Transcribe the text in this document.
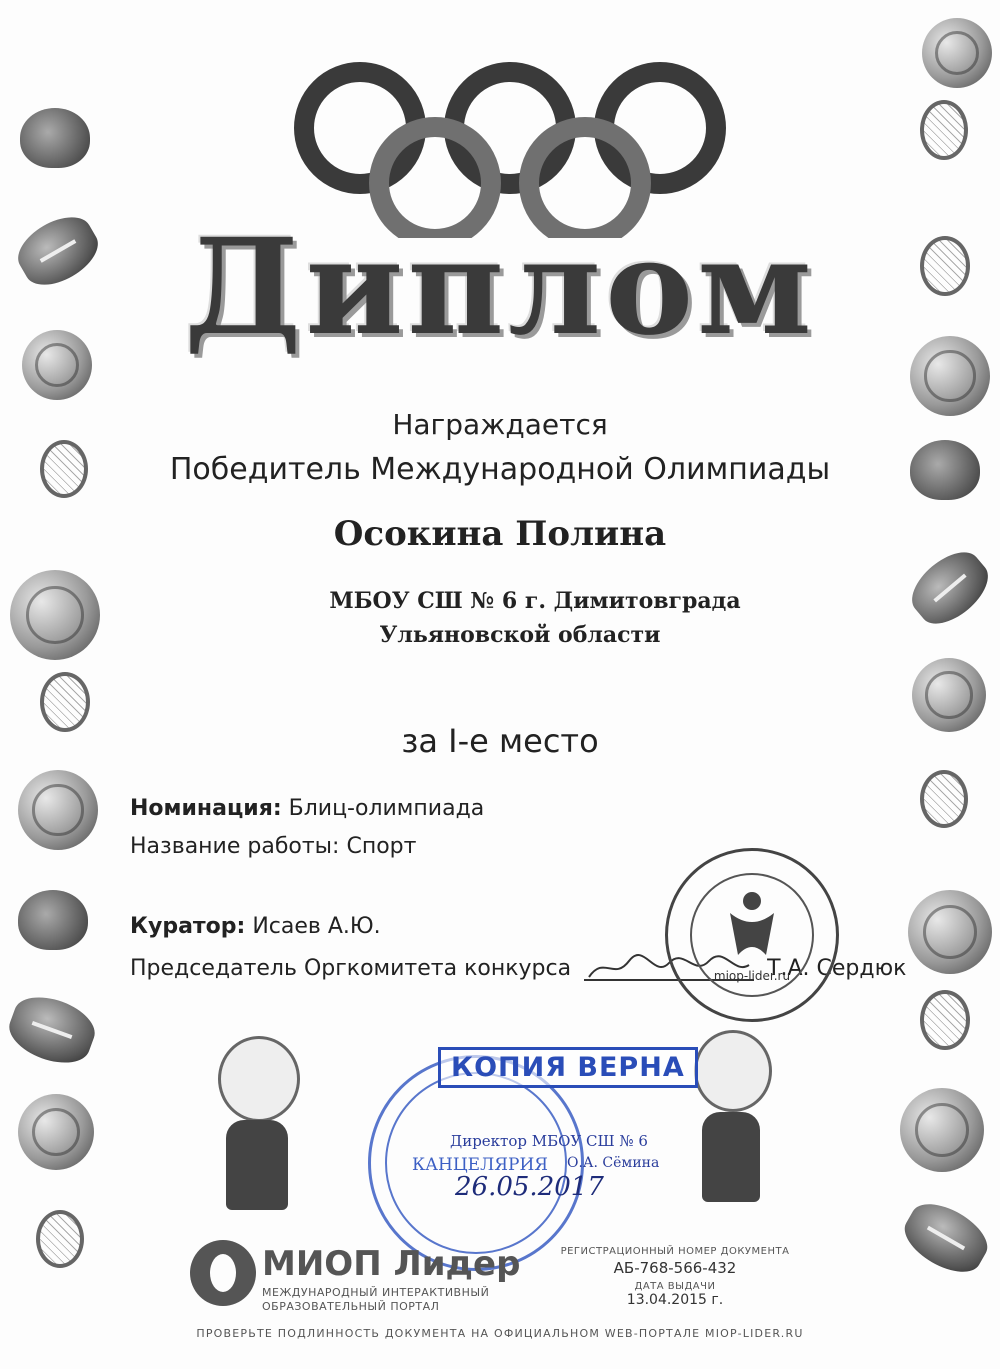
Диплом
Награждается
Победитель Международной Олимпиады
Осокина Полина
МБОУ СШ № 6 г. Димитовграда
Ульяновской области
за I-е место
Номинация: Блиц-олимпиада
Название работы: Спорт
Куратор: Исаев А.Ю.
Председатель Оргкомитета конкурса	Т.А. Сердюк
miop-lider.ru
КОПИЯ ВЕРНА
Директор МБОУ СШ № 6
КАНЦЕЛЯРИЯ О.А. Сёмина
26.05.2017
МИОП Лидер
МЕЖДУНАРОДНЫЙ ИНТЕРАКТИВНЫЙ
ОБРАЗОВАТЕЛЬНЫЙ ПОРТАЛ
РЕГИСТРАЦИОННЫЙ НОМЕР ДОКУМЕНТА
АБ-768-566-432
ДАТА ВЫДАЧИ
13.04.2015 г.
ПРОВЕРЬТЕ ПОДЛИННОСТЬ ДОКУМЕНТА НА ОФИЦИАЛЬНОМ WEB-ПОРТАЛЕ MIOP-LIDER.RU
